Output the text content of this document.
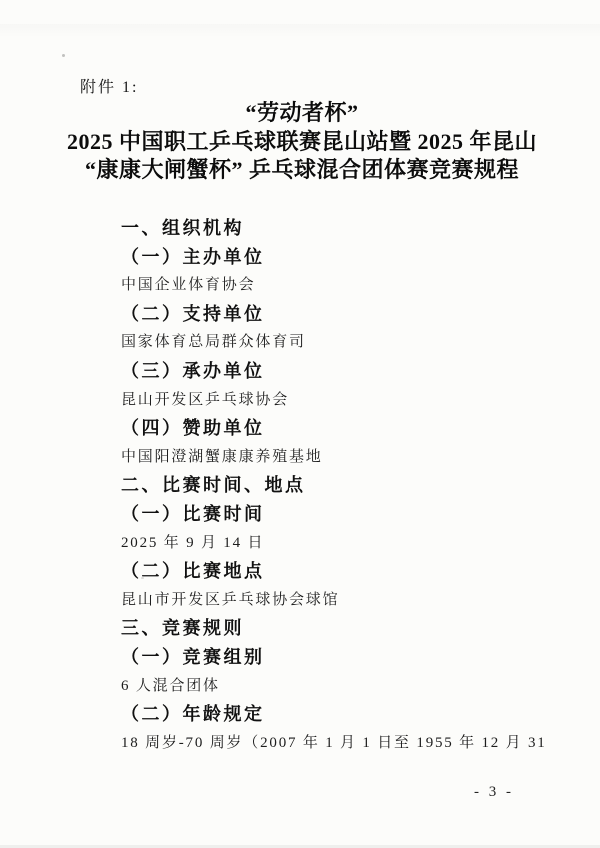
附件 1:
“劳动者杯”
2025 中国职工乒乓球联赛昆山站暨 2025 年昆山
“康康大闸蟹杯” 乒乓球混合团体赛竞赛规程
一、组织机构
（一）主办单位
中国企业体育协会
（二）支持单位
国家体育总局群众体育司
（三）承办单位
昆山开发区乒乓球协会
（四）赞助单位
中国阳澄湖蟹康康养殖基地
二、比赛时间、地点
（一）比赛时间
2025 年 9 月 14 日
（二）比赛地点
昆山市开发区乒乓球协会球馆
三、竞赛规则
（一）竞赛组别
6 人混合团体
（二）年龄规定
18 周岁-70 周岁（2007 年 1 月 1 日至 1955 年 12 月 31
- 3 -
